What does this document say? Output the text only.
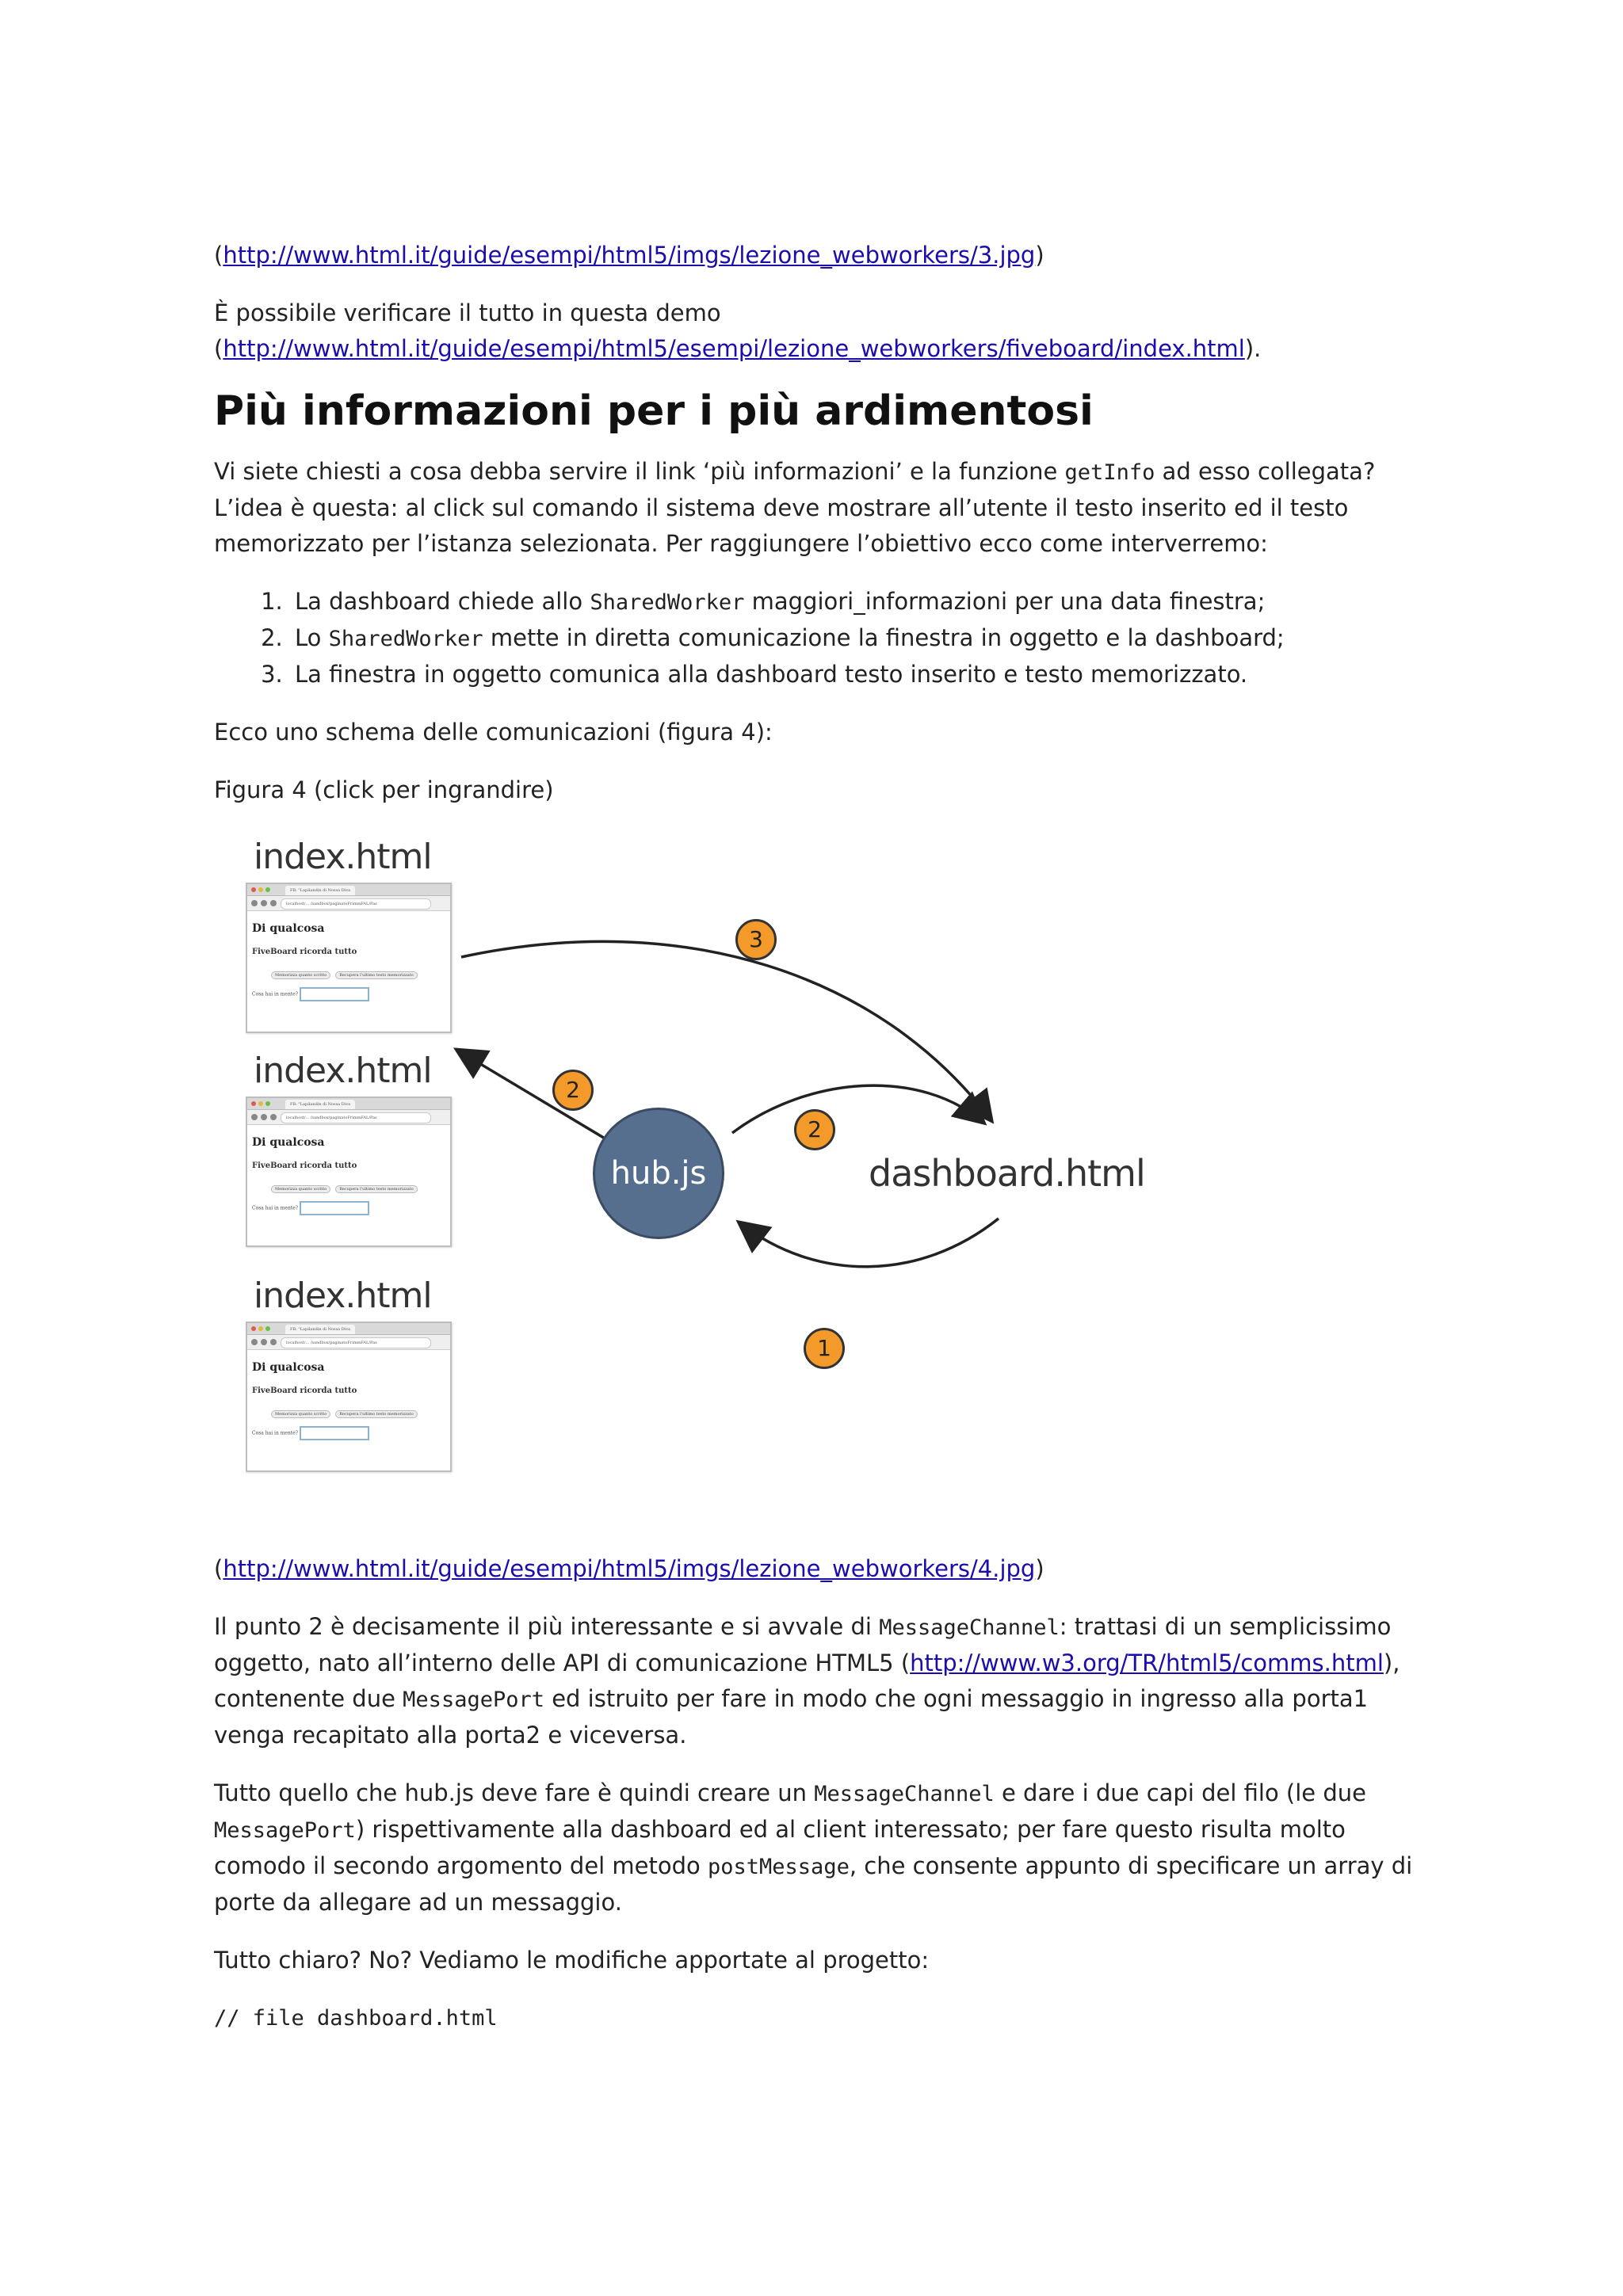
(http://www.html.it/guide/esempi/html5/imgs/lezione_webworkers/3.jpg)

È possibile verificare il tutto in questa demo
(http://www.html.it/guide/esempi/html5/esempi/lezione_webworkers/fiveboard/index.html).

Più informazioni per i più ardimentosi

Vi siete chiesti a cosa debba servire il link ‘più informazioni’ e la funzione getInfo ad esso collegata? L’idea è questa: al click sul comando il sistema deve mostrare all’utente il testo inserito ed il testo memorizzato per l’istanza selezionata. Per raggiungere l’obiettivo ecco come interverremo:

1. La dashboard chiede allo SharedWorker maggiori_informazioni per una data finestra;
2. Lo SharedWorker mette in diretta comunicazione la finestra in oggetto e la dashboard;
3. La finestra in oggetto comunica alla dashboard testo inserito e testo memorizzato.

Ecco uno schema delle comunicazioni (figura 4):

Figura 4 (click per ingrandire)

index.html
FB: "Lapilandin di Nossa Diva
localhost/... /sandbox/paginatoFrimmFAL/Pas
Di qualcosa
FiveBoard ricorda tutto
Memorizza quanto scritto	Recupera l'ultimo testo memorizzato
Cosa hai in mente?
index.html
FB: "Lapilandin di Nossa Diva
localhost/... /sandbox/paginatoFrimmFAL/Pas
Di qualcosa
FiveBoard ricorda tutto
Memorizza quanto scritto	Recupera l'ultimo testo memorizzato
Cosa hai in mente?
index.html
FB: "Lapilandin di Nossa Diva
localhost/... /sandbox/paginatoFrimmFAL/Pas
Di qualcosa
FiveBoard ricorda tutto
Memorizza quanto scritto	Recupera l'ultimo testo memorizzato
Cosa hai in mente?
hub.js	dashboard.html
3
2
2
1

(http://www.html.it/guide/esempi/html5/imgs/lezione_webworkers/4.jpg)

Il punto 2 è decisamente il più interessante e si avvale di MessageChannel: trattasi di un semplicissimo oggetto, nato all’interno delle API di comunicazione HTML5 (http://www.w3.org/TR/html5/comms.html), contenente due MessagePort ed istruito per fare in modo che ogni messaggio in ingresso alla porta1 venga recapitato alla porta2 e viceversa.

Tutto quello che hub.js deve fare è quindi creare un MessageChannel e dare i due capi del filo (le due MessagePort) rispettivamente alla dashboard ed al client interessato; per fare questo risulta molto comodo il secondo argomento del metodo postMessage, che consente appunto di specificare un array di porte da allegare ad un messaggio.

Tutto chiaro? No? Vediamo le modifiche apportate al progetto:

// file dashboard.html
